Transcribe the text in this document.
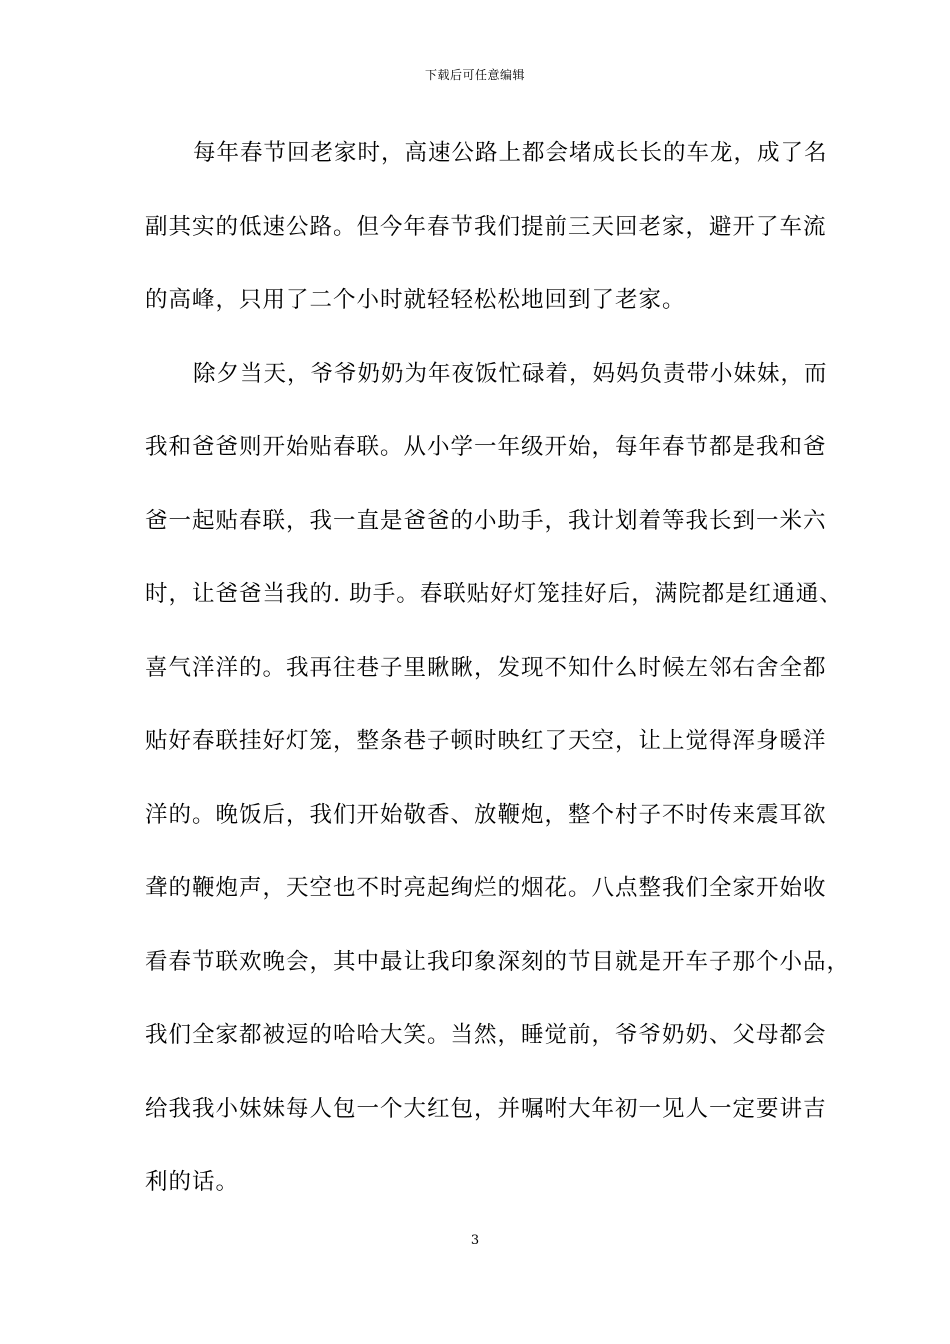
下载后可任意编辑
每年春节回老家时，高速公路上都会堵成长长的车龙，成了名
副其实的低速公路。但今年春节我们提前三天回老家，避开了车流
的高峰，只用了二个小时就轻轻松松地回到了老家。
除夕当天，爷爷奶奶为年夜饭忙碌着，妈妈负责带小妹妹，而
我和爸爸则开始贴春联。从小学一年级开始，每年春节都是我和爸
爸一起贴春联，我一直是爸爸的小助手，我计划着等我长到一米六
时，让爸爸当我的. 助手。春联贴好灯笼挂好后，满院都是红通通、
喜气洋洋的。我再往巷子里瞅瞅，发现不知什么时候左邻右舍全都
贴好春联挂好灯笼，整条巷子顿时映红了天空，让上觉得浑身暖洋
洋的。晚饭后，我们开始敬香、放鞭炮，整个村子不时传来震耳欲
聋的鞭炮声，天空也不时亮起绚烂的烟花。八点整我们全家开始收
看春节联欢晚会，其中最让我印象深刻的节目就是开车子那个小品，
我们全家都被逗的哈哈大笑。当然，睡觉前，爷爷奶奶、父母都会
给我我小妹妹每人包一个大红包，并嘱咐大年初一见人一定要讲吉
利的话。
3
